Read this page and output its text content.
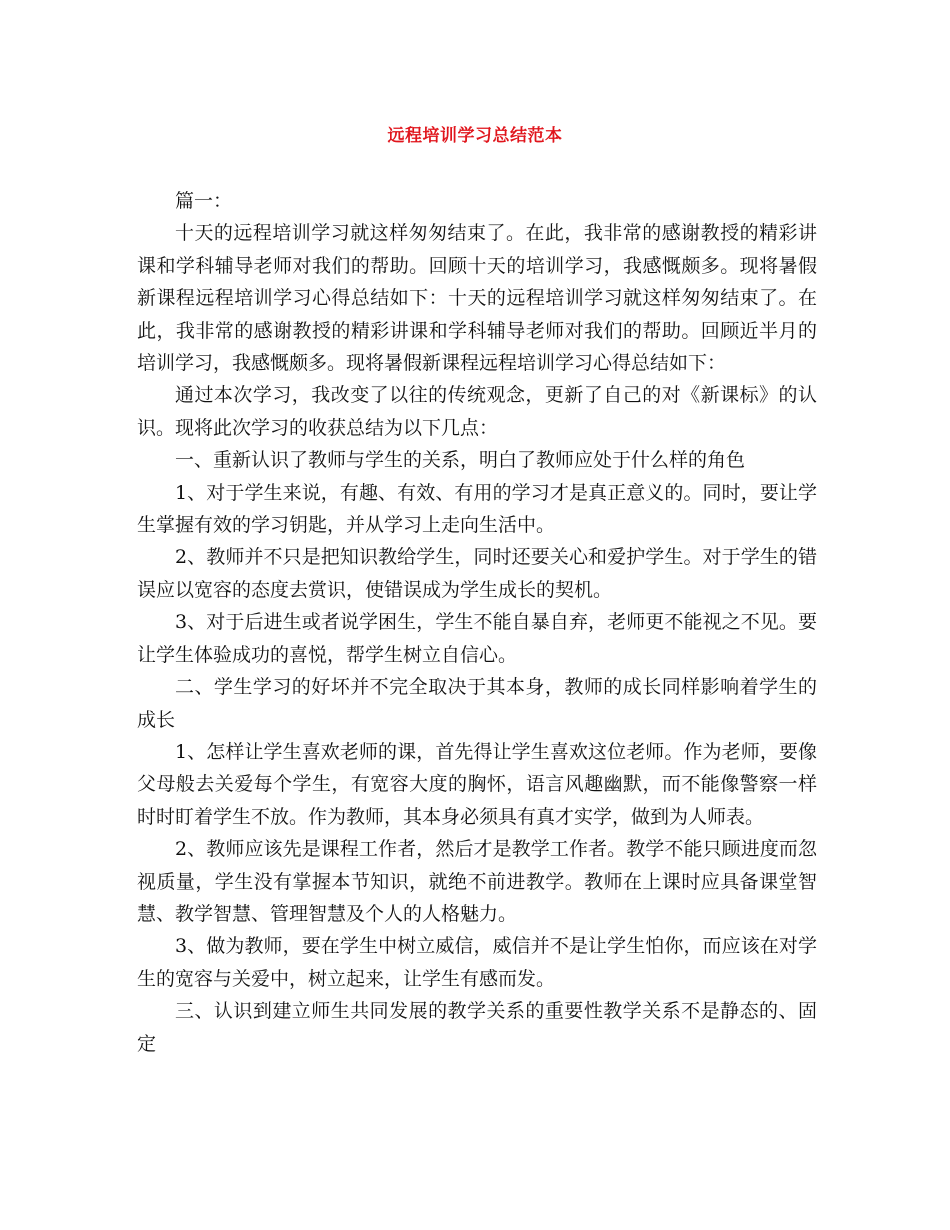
远程培训学习总结范本

篇一：

十天的远程培训学习就这样匆匆结束了。在此，我非常的感谢教授的精彩讲课和学科辅导老师对我们的帮助。回顾十天的培训学习，我感慨颇多。现将暑假新课程远程培训学习心得总结如下：十天的远程培训学习就这样匆匆结束了。在此，我非常的感谢教授的精彩讲课和学科辅导老师对我们的帮助。回顾近半月的培训学习，我感慨颇多。现将暑假新课程远程培训学习心得总结如下：

通过本次学习，我改变了以往的传统观念，更新了自己的对《新课标》的认识。现将此次学习的收获总结为以下几点：

一、重新认识了教师与学生的关系，明白了教师应处于什么样的角色

1、对于学生来说，有趣、有效、有用的学习才是真正意义的。同时，要让学生掌握有效的学习钥匙，并从学习上走向生活中。

2、教师并不只是把知识教给学生，同时还要关心和爱护学生。对于学生的错误应以宽容的态度去赏识，使错误成为学生成长的契机。

3、对于后进生或者说学困生，学生不能自暴自弃，老师更不能视之不见。要让学生体验成功的喜悦，帮学生树立自信心。

二、学生学习的好坏并不完全取决于其本身，教师的成长同样影响着学生的成长

1、怎样让学生喜欢老师的课，首先得让学生喜欢这位老师。作为老师，要像父母般去关爱每个学生，有宽容大度的胸怀，语言风趣幽默，而不能像警察一样时时盯着学生不放。作为教师，其本身必须具有真才实学，做到为人师表。

2、教师应该先是课程工作者，然后才是教学工作者。教学不能只顾进度而忽视质量，学生没有掌握本节知识，就绝不前进教学。教师在上课时应具备课堂智慧、教学智慧、管理智慧及个人的人格魅力。

3、做为教师，要在学生中树立威信，威信并不是让学生怕你，而应该在对学生的宽容与关爱中，树立起来，让学生有感而发。

三、认识到建立师生共同发展的教学关系的重要性教学关系不是静态的、固定
